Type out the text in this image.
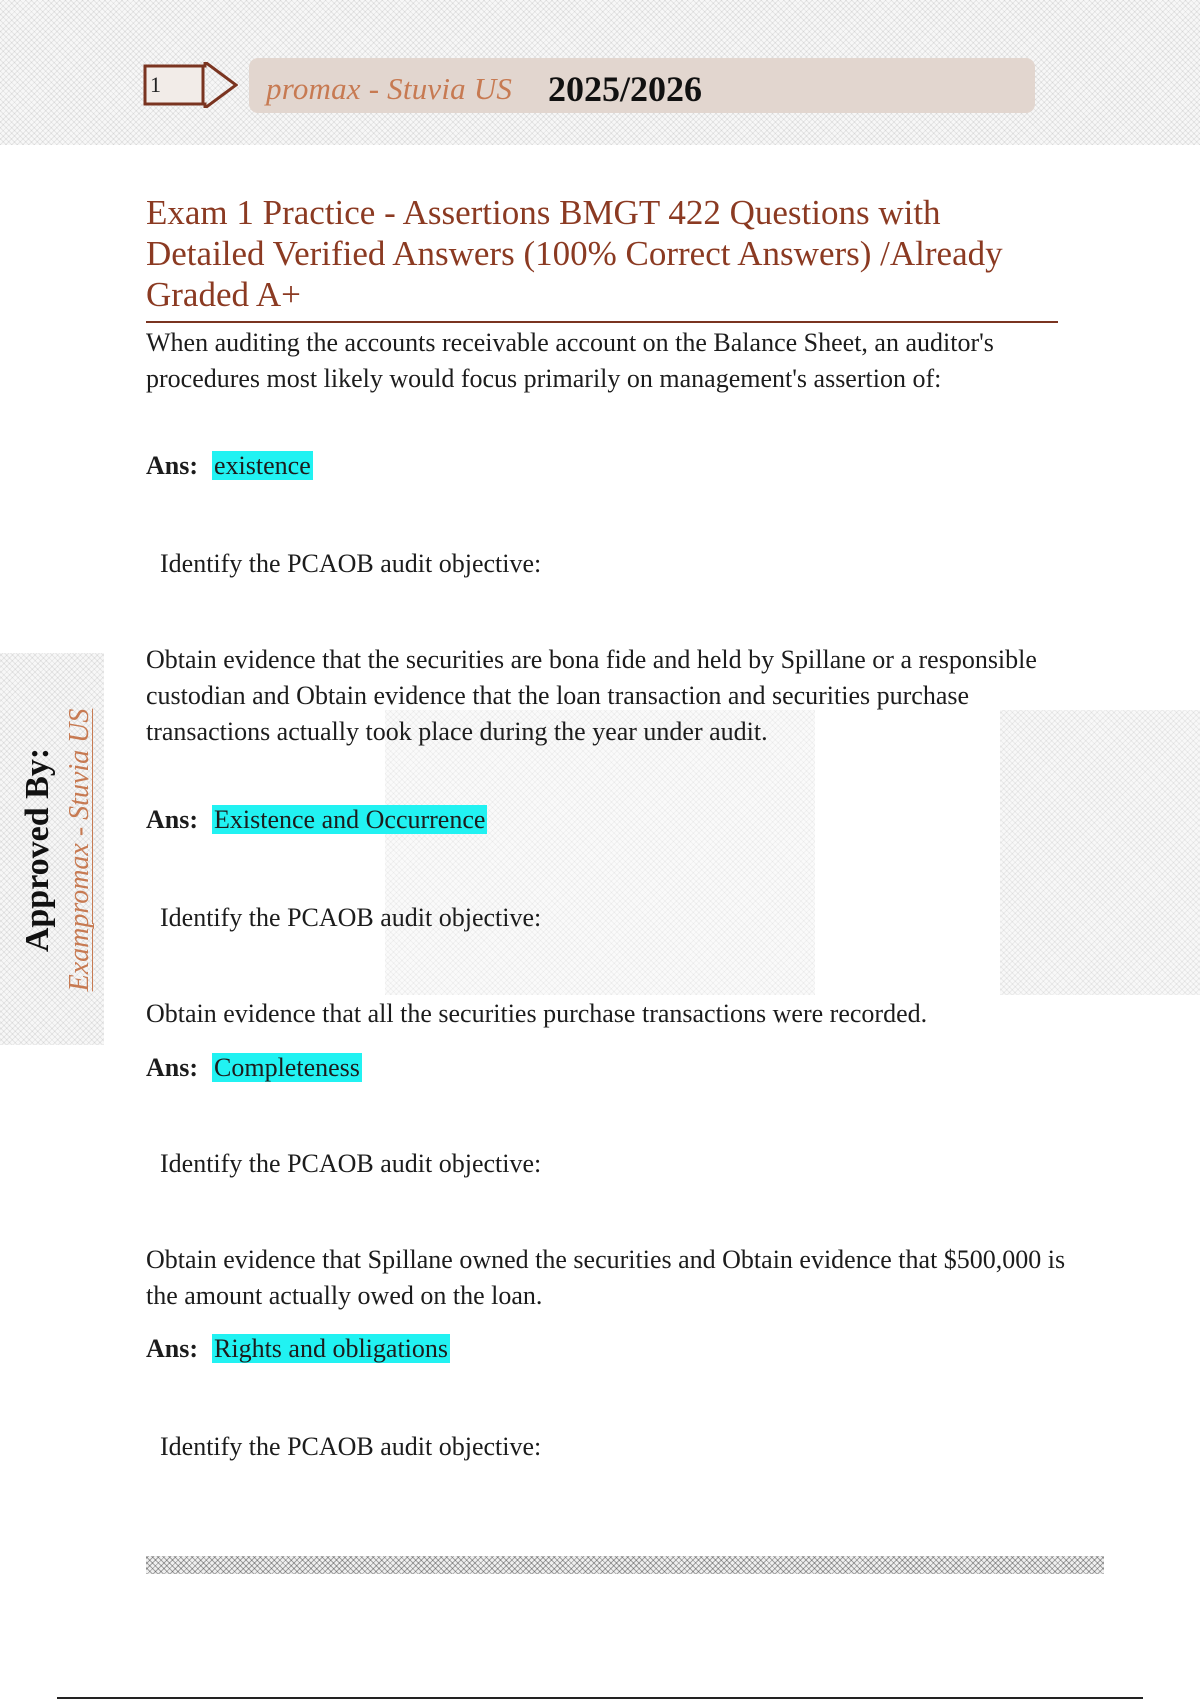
1	promax - Stuvia US 2025/2026
Exam 1 Practice - Assertions BMGT 422 Questions with Detailed Verified Answers (100% Correct Answers) /Already Graded A+
Approved By: Exampromax - Stuvia US

When auditing the accounts receivable account on the Balance Sheet, an auditor's procedures most likely would focus primarily on management's assertion of:

Ans: existence
Identify the PCAOB audit objective:

Obtain evidence that the securities are bona fide and held by Spillane or a responsible custodian and Obtain evidence that the loan transaction and securities purchase transactions actually took place during the year under audit.

Ans: Existence and Occurrence
Identify the PCAOB audit objective:

Obtain evidence that all the securities purchase transactions were recorded.

Ans: Completeness
Identify the PCAOB audit objective:

Obtain evidence that Spillane owned the securities and Obtain evidence that $500,000 is the amount actually owed on the loan.

Ans: Rights and obligations
Identify the PCAOB audit objective:
